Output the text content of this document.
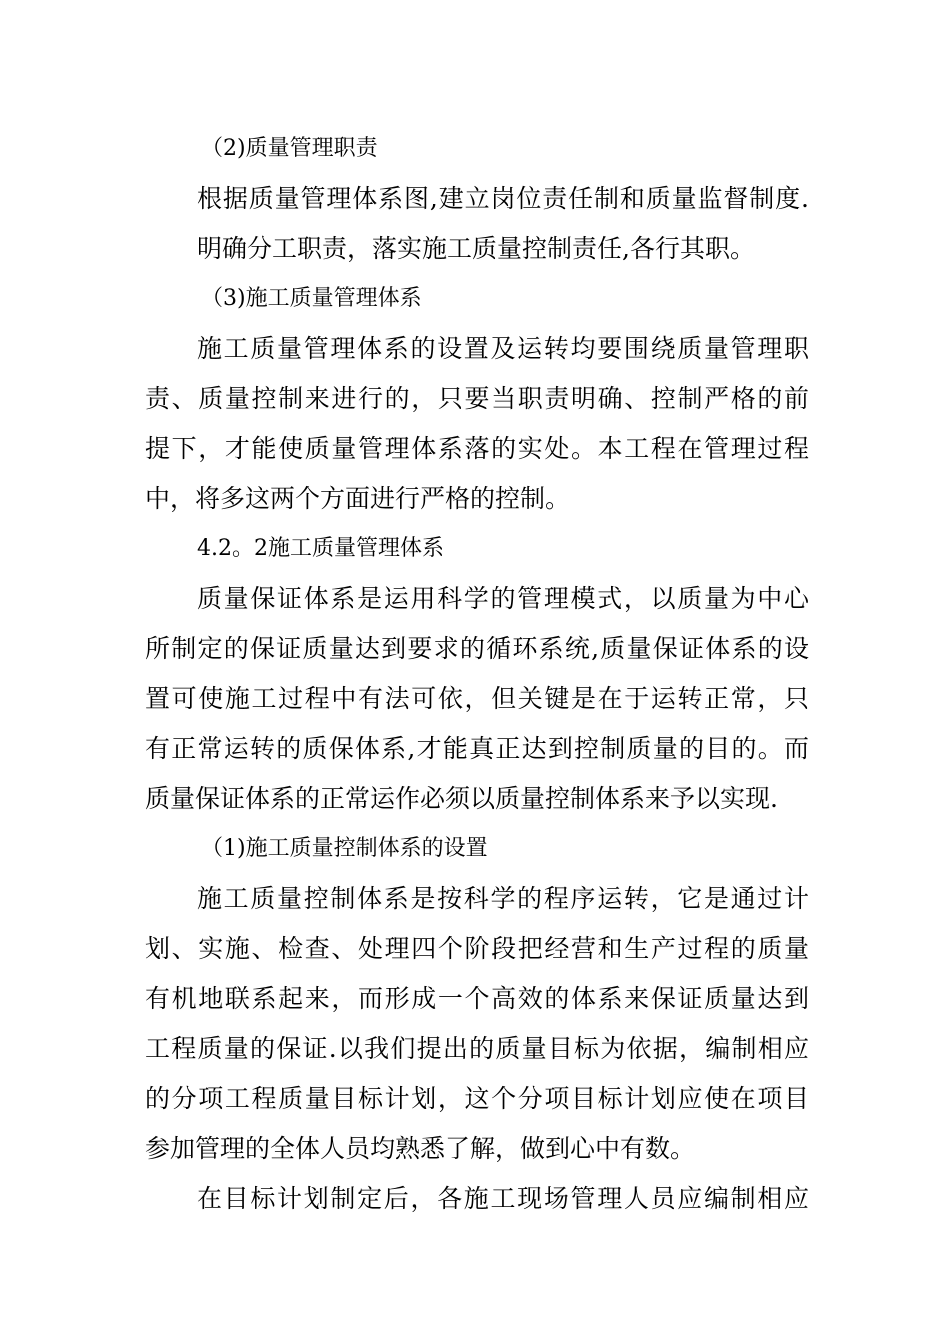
（2)质量管理职责
根据质量管理体系图,建立岗位责任制和质量监督制度.
明确分工职责，落实施工质量控制责任,各行其职。
（3)施工质量管理体系
施工质量管理体系的设置及运转均要围绕质量管理职
责、质量控制来进行的，只要当职责明确、控制严格的前
提下，才能使质量管理体系落的实处。本工程在管理过程
中，将多这两个方面进行严格的控制。
4.2。2施工质量管理体系
质量保证体系是运用科学的管理模式，以质量为中心
所制定的保证质量达到要求的循环系统,质量保证体系的设
置可使施工过程中有法可依，但关键是在于运转正常，只
有正常运转的质保体系,才能真正达到控制质量的目的。而
质量保证体系的正常运作必须以质量控制体系来予以实现.
（1)施工质量控制体系的设置
施工质量控制体系是按科学的程序运转，它是通过计
划、实施、检查、处理四个阶段把经营和生产过程的质量
有机地联系起来，而形成一个高效的体系来保证质量达到
工程质量的保证.以我们提出的质量目标为依据，编制相应
的分项工程质量目标计划，这个分项目标计划应使在项目
参加管理的全体人员均熟悉了解，做到心中有数。
在目标计划制定后，各施工现场管理人员应编制相应
